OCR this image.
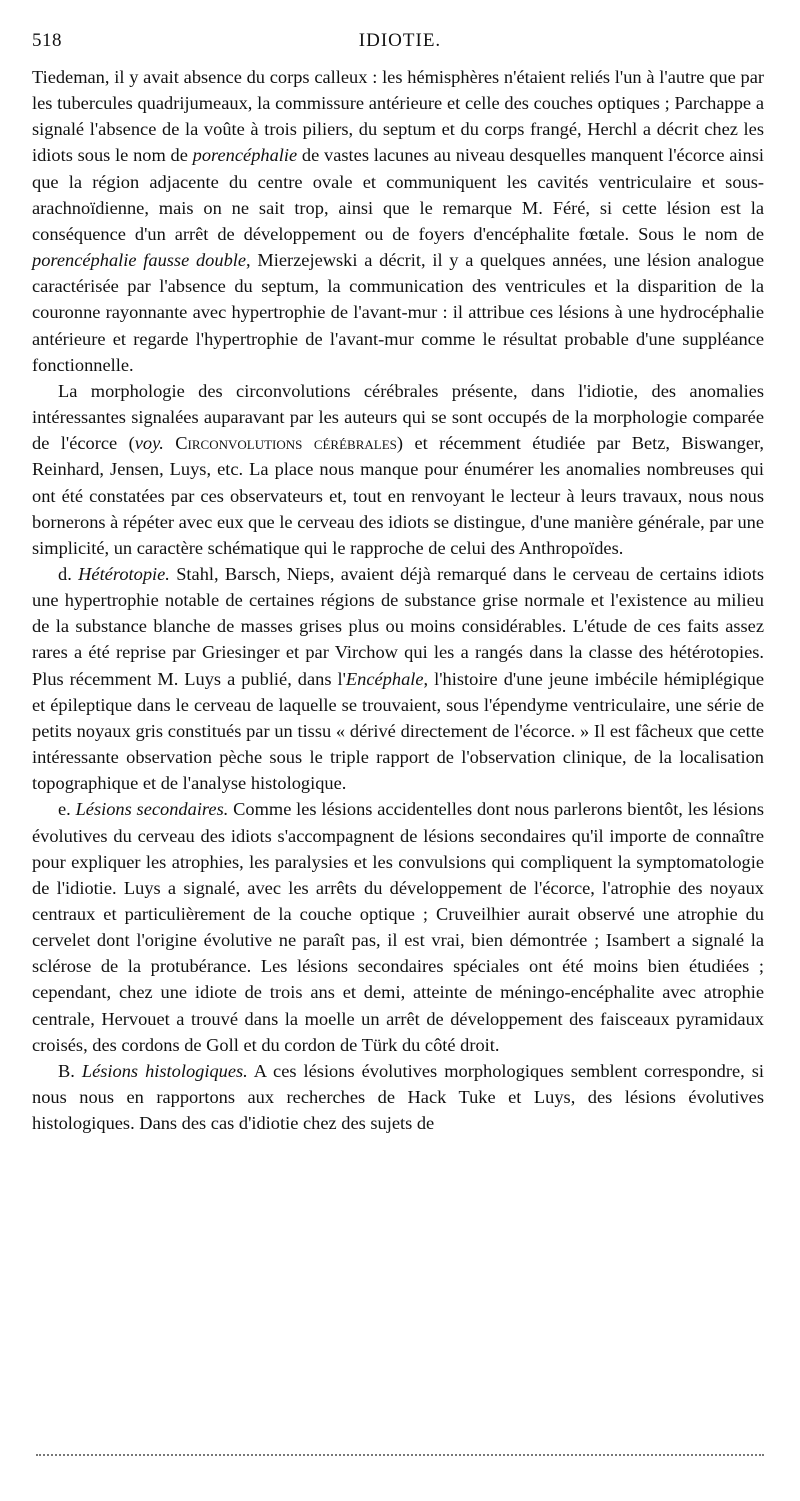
518	IDIOTIE.

Tiedeman, il y avait absence du corps calleux : les hémisphères n'étaient reliés l'un à l'autre que par les tubercules quadrijumeaux, la commissure antérieure et celle des couches optiques ; Parchappe a signalé l'absence de la voûte à trois piliers, du septum et du corps frangé, Herchl a décrit chez les idiots sous le nom de porencéphalie de vastes lacunes au niveau desquelles manquent l'écorce ainsi que la région adjacente du centre ovale et communiquent les cavités ventriculaire et sous-arachnoïdienne, mais on ne sait trop, ainsi que le remarque M. Féré, si cette lésion est la conséquence d'un arrêt de développement ou de foyers d'encéphalite fœtale. Sous le nom de porencéphalie fausse double, Mierzejewski a décrit, il y a quelques années, une lésion analogue caractérisée par l'absence du septum, la communication des ventricules et la disparition de la couronne rayonnante avec hypertrophie de l'avant-mur : il attribue ces lésions à une hydrocéphalie antérieure et regarde l'hypertrophie de l'avant-mur comme le résultat probable d'une suppléance fonctionnelle.

La morphologie des circonvolutions cérébrales présente, dans l'idiotie, des anomalies intéressantes signalées auparavant par les auteurs qui se sont occupés de la morphologie comparée de l'écorce (voy. Circonvolutions cérébrales) et récemment étudiée par Betz, Biswanger, Reinhard, Jensen, Luys, etc. La place nous manque pour énumérer les anomalies nombreuses qui ont été constatées par ces observateurs et, tout en renvoyant le lecteur à leurs travaux, nous nous bornerons à répéter avec eux que le cerveau des idiots se distingue, d'une manière générale, par une simplicité, un caractère schématique qui le rapproche de celui des Anthropoïdes.

d. Hétérotopie. Stahl, Barsch, Nieps, avaient déjà remarqué dans le cerveau de certains idiots une hypertrophie notable de certaines régions de substance grise normale et l'existence au milieu de la substance blanche de masses grises plus ou moins considérables. L'étude de ces faits assez rares a été reprise par Griesinger et par Virchow qui les a rangés dans la classe des hétérotopies. Plus récemment M. Luys a publié, dans l'Encéphale, l'histoire d'une jeune imbécile hémiplégique et épileptique dans le cerveau de laquelle se trouvaient, sous l'épendyme ventriculaire, une série de petits noyaux gris constitués par un tissu « dérivé directement de l'écorce. » Il est fâcheux que cette intéressante observation pèche sous le triple rapport de l'observation clinique, de la localisation topographique et de l'analyse histologique.

e. Lésions secondaires. Comme les lésions accidentelles dont nous parlerons bientôt, les lésions évolutives du cerveau des idiots s'accompagnent de lésions secondaires qu'il importe de connaître pour expliquer les atrophies, les paralysies et les convulsions qui compliquent la symptomatologie de l'idiotie. Luys a signalé, avec les arrêts du développement de l'écorce, l'atrophie des noyaux centraux et particulièrement de la couche optique ; Cruveilhier aurait observé une atrophie du cervelet dont l'origine évolutive ne paraît pas, il est vrai, bien démontrée ; Isambert a signalé la sclérose de la protubérance. Les lésions secondaires spéciales ont été moins bien étudiées ; cependant, chez une idiote de trois ans et demi, atteinte de méningo-encéphalite avec atrophie centrale, Hervouet a trouvé dans la moelle un arrêt de développement des faisceaux pyramidaux croisés, des cordons de Goll et du cordon de Türk du côté droit.

B. Lésions histologiques. A ces lésions évolutives morphologiques semblent correspondre, si nous nous en rapportons aux recherches de Hack Tuke et Luys, des lésions évolutives histologiques. Dans des cas d'idiotie chez des sujets de
